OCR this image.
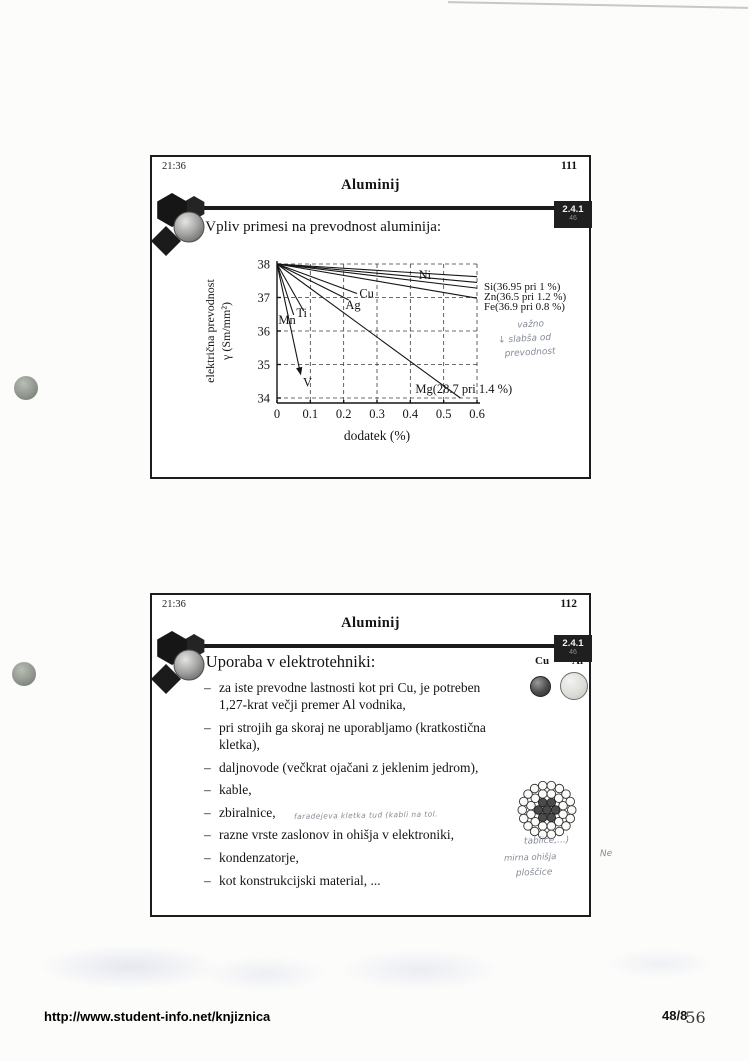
21:36	111
Aluminij
2.4.1
46
Vpliv primesi na prevodnost aluminija:
0 0.1 0.2 0.3 0.4 0.5 0.6
34
35
36
37
38
Ni
Cu
Ag
Ti
Mn
V	Mg(28.7 pri 1.4 %)
Si(36.95 pri 1 %)
Zn(36.5 pri 1.2 %)
Fe(36.9 pri 0.8 %)
dodatek (%)
električna prevodnost γ (Sm/mm²)	važno
↓ slabša od
prevodnost
21:36	112
Aluminij
2.4.1
46
Uporaba v elektrotehniki:	Cu
– za iste prevodne lastnosti kot pri Cu, je potreben 1,27-krat večji premer Al vodnika,
– pri strojih ga skoraj ne uporabljamo (kratkostična kletka),
– daljnovode (večkrat ojačani z jeklenim jedrom),
– kable,
– zbiralnice,
– razne vrste zaslonov in ohišja v elektroniki,
– kondenzatorje,
– kot konstrukcijski material, ...
faradejeva kletka tud (kabli na tol.
tablice,...)
mirna ohišja
ploščice
Ne
http://www.student-info.net/knjiznica	48/856
